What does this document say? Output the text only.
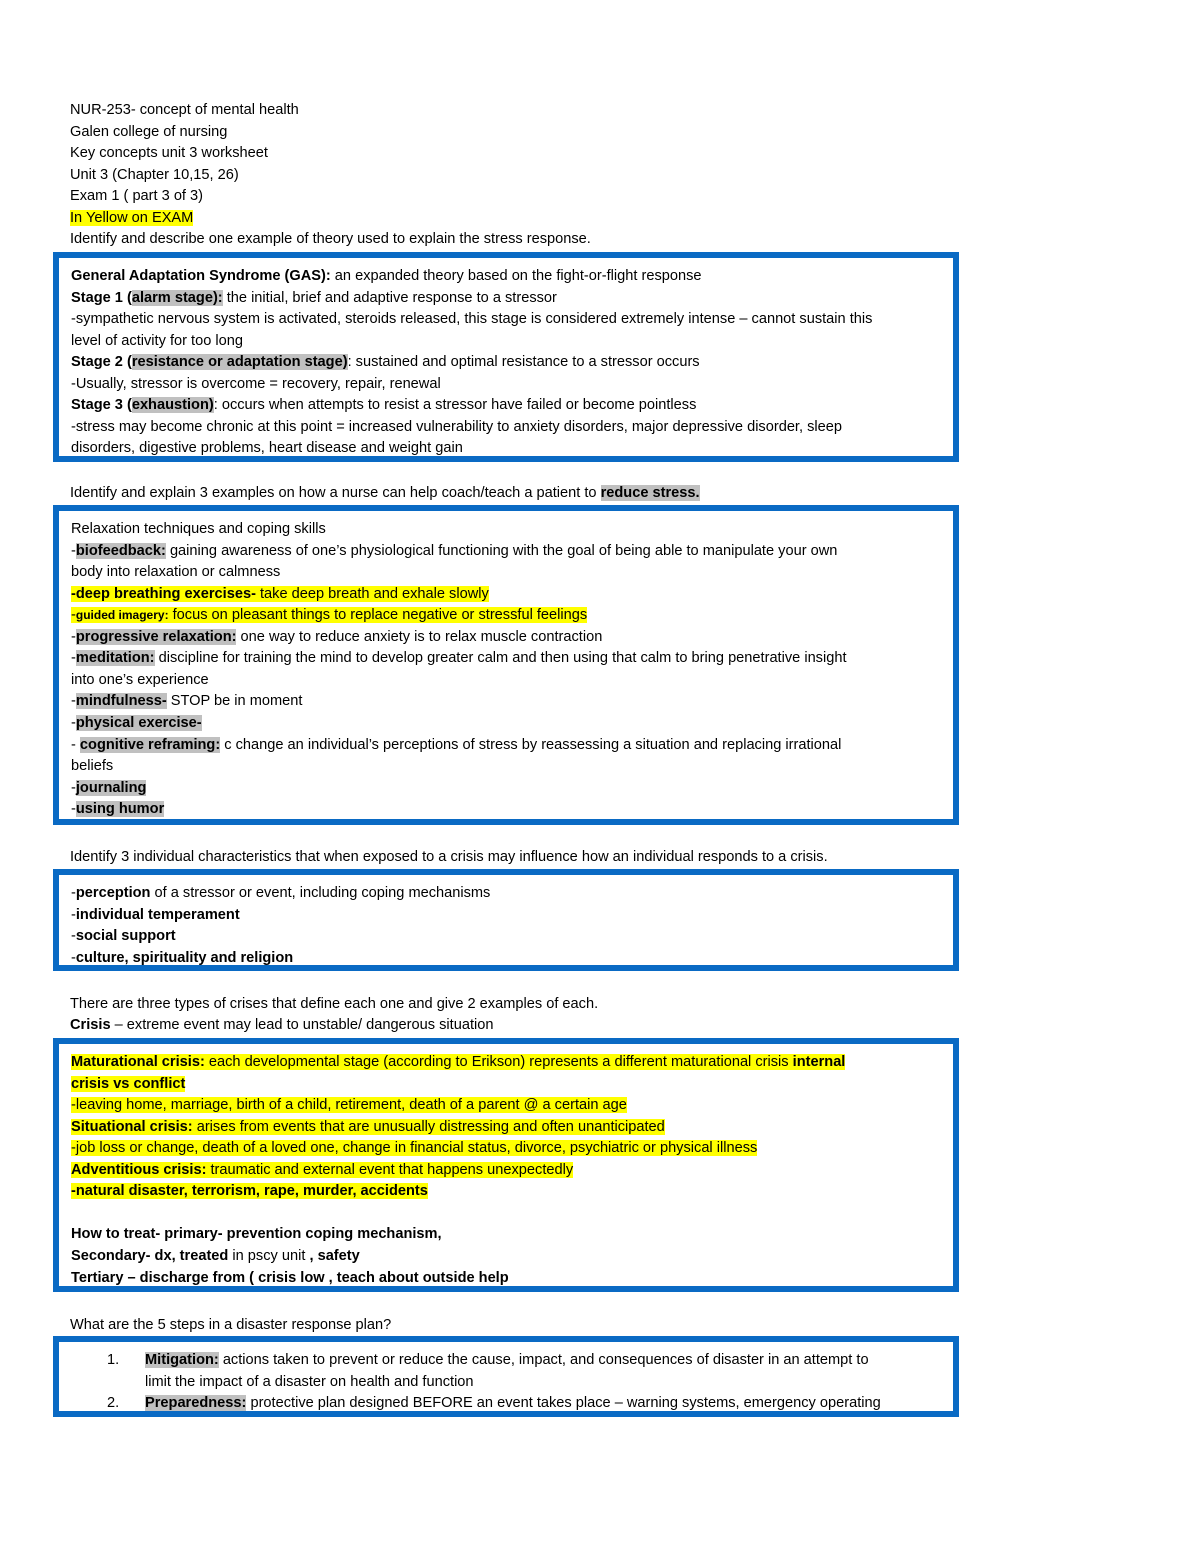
NUR-253- concept of mental health
Galen college of nursing
Key concepts unit 3 worksheet
Unit 3 (Chapter 10,15, 26)
Exam 1 ( part 3 of 3)
In Yellow on EXAM
Identify and describe one example of theory used to explain the stress response.
General Adaptation Syndrome (GAS): an expanded theory based on the fight-or-flight response
Stage 1 (alarm stage): the initial, brief and adaptive response to a stressor
-sympathetic nervous system is activated, steroids released, this stage is considered extremely intense – cannot sustain this
level of activity for too long
Stage 2 (resistance or adaptation stage): sustained and optimal resistance to a stressor occurs
-Usually, stressor is overcome = recovery, repair, renewal
Stage 3 (exhaustion): occurs when attempts to resist a stressor have failed or become pointless
-stress may become chronic at this point = increased vulnerability to anxiety disorders, major depressive disorder, sleep
disorders, digestive problems, heart disease and weight gain
Identify and explain 3 examples on how a nurse can help coach/teach a patient to reduce stress.
Relaxation techniques and coping skills
-biofeedback: gaining awareness of one’s physiological functioning with the goal of being able to manipulate your own
body into relaxation or calmness
-deep breathing exercises- take deep breath and exhale slowly
-guided imagery: focus on pleasant things to replace negative or stressful feelings
-progressive relaxation: one way to reduce anxiety is to relax muscle contraction
-meditation: discipline for training the mind to develop greater calm and then using that calm to bring penetrative insight
into one’s experience
-mindfulness- STOP be in moment
-physical exercise-
- cognitive reframing: c change an individual’s perceptions of stress by reassessing a situation and replacing irrational
beliefs
-journaling
-using humor
Identify 3 individual characteristics that when exposed to a crisis may influence how an individual responds to a crisis.
-perception of a stressor or event, including coping mechanisms
-individual temperament
-social support
-culture, spirituality and religion
There are three types of crises that define each one and give 2 examples of each.
Crisis – extreme event may lead to unstable/ dangerous situation
Maturational crisis: each developmental stage (according to Erikson) represents a different maturational crisis internal
crisis vs conflict
-leaving home, marriage, birth of a child, retirement, death of a parent @ a certain age
Situational crisis: arises from events that are unusually distressing and often unanticipated
-job loss or change, death of a loved one, change in financial status, divorce, psychiatric or physical illness
Adventitious crisis: traumatic and external event that happens unexpectedly
-natural disaster, terrorism, rape, murder, accidents
How to treat- primary- prevention coping mechanism,
Secondary- dx, treated in pscy unit , safety
Tertiary – discharge from ( crisis low , teach about outside help
What are the 5 steps in a disaster response plan?
1. Mitigation: actions taken to prevent or reduce the cause, impact, and consequences of disaster in an attempt to
limit the impact of a disaster on health and function
2. Preparedness: protective plan designed BEFORE an event takes place – warning systems, emergency operating
